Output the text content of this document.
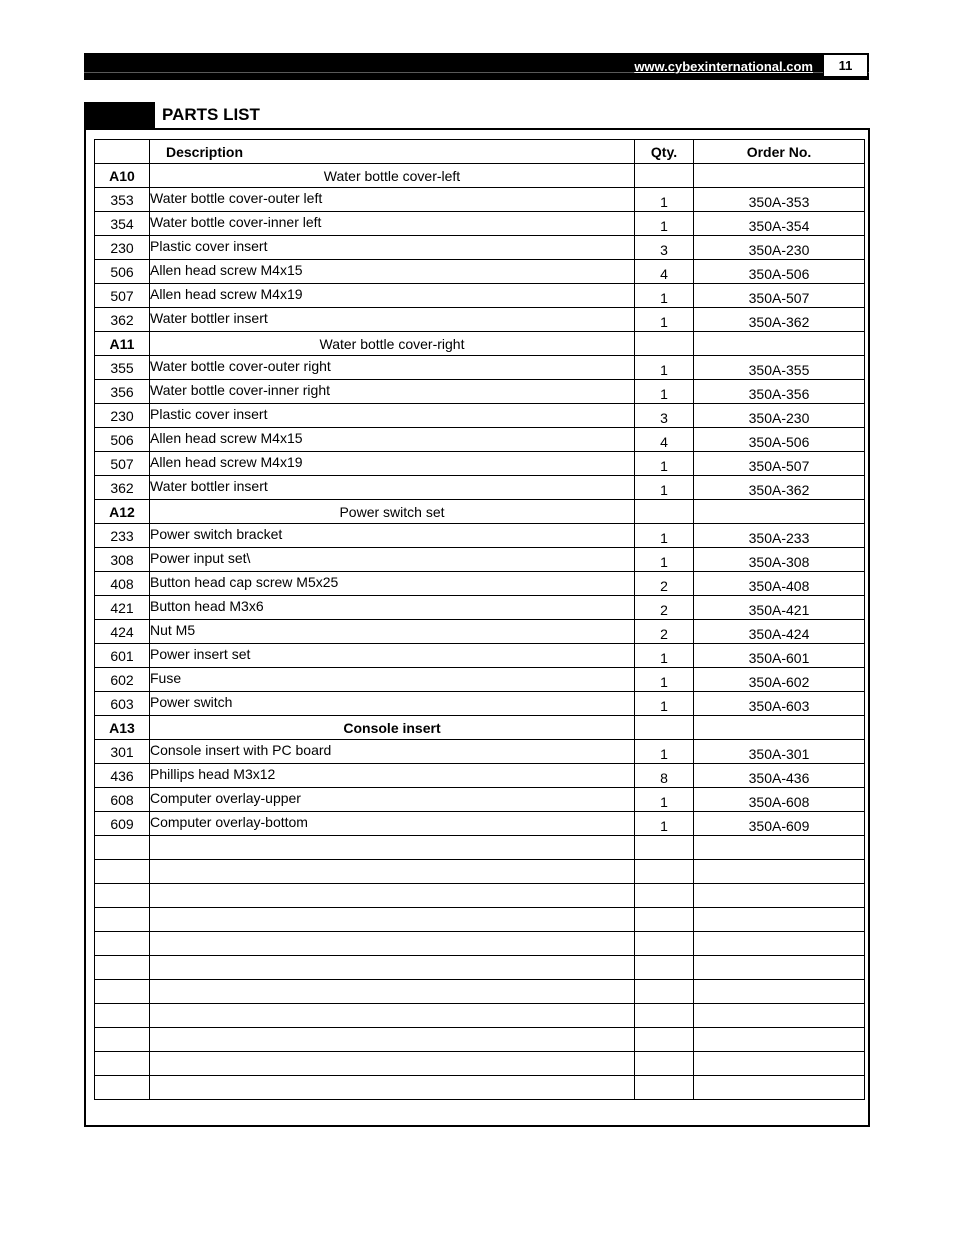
www.cybexinternational.com	11
PARTS LIST
	Description	Qty.	Order No.
A10	Water bottle cover-left		
353	Water bottle cover-outer left	1	350A-353
354	Water bottle cover-inner left	1	350A-354
230	Plastic cover insert	3	350A-230
506	Allen head screw M4x15	4	350A-506
507	Allen head screw M4x19	1	350A-507
362	Water bottler insert	1	350A-362
A11	Water bottle cover-right		
355	Water bottle cover-outer right	1	350A-355
356	Water bottle cover-inner right	1	350A-356
230	Plastic cover insert	3	350A-230
506	Allen head screw M4x15	4	350A-506
507	Allen head screw M4x19	1	350A-507
362	Water bottler insert	1	350A-362
A12	Power switch set		
233	Power switch bracket	1	350A-233
308	Power input set\	1	350A-308
408	Button head cap screw M5x25	2	350A-408
421	Button head M3x6	2	350A-421
424	Nut M5	2	350A-424
601	Power insert set	1	350A-601
602	Fuse	1	350A-602
603	Power switch	1	350A-603
A13	Console insert		
301	Console insert with PC board	1	350A-301
436	Phillips head M3x12	8	350A-436
608	Computer overlay-upper	1	350A-608
609	Computer overlay-bottom	1	350A-609
